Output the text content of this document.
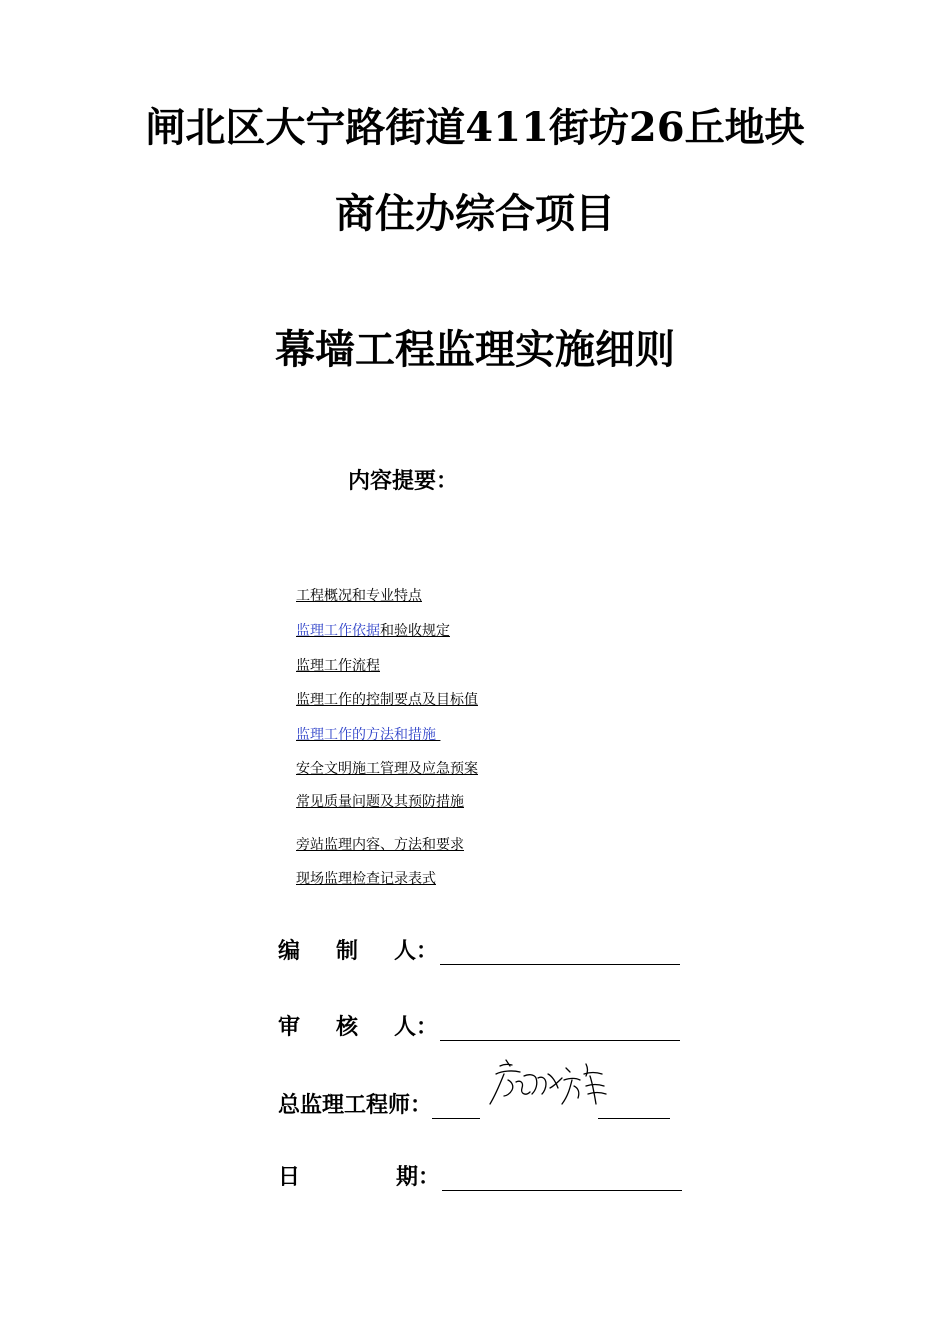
闸北区大宁路街道411街坊26丘地块
商住办综合项目
幕墙工程监理实施细则
内容提要：
工程概况和专业特点
监理工作依据和验收规定
监理工作流程
监理工作的控制要点及目标值
监理工作的方法和措施
安全文明施工管理及应急预案
常见质量问题及其预防措施
旁站监理内容、方法和要求
现场监理检查记录表式
编 制 人：
审 核 人：
总监理工程师：
日	期：
